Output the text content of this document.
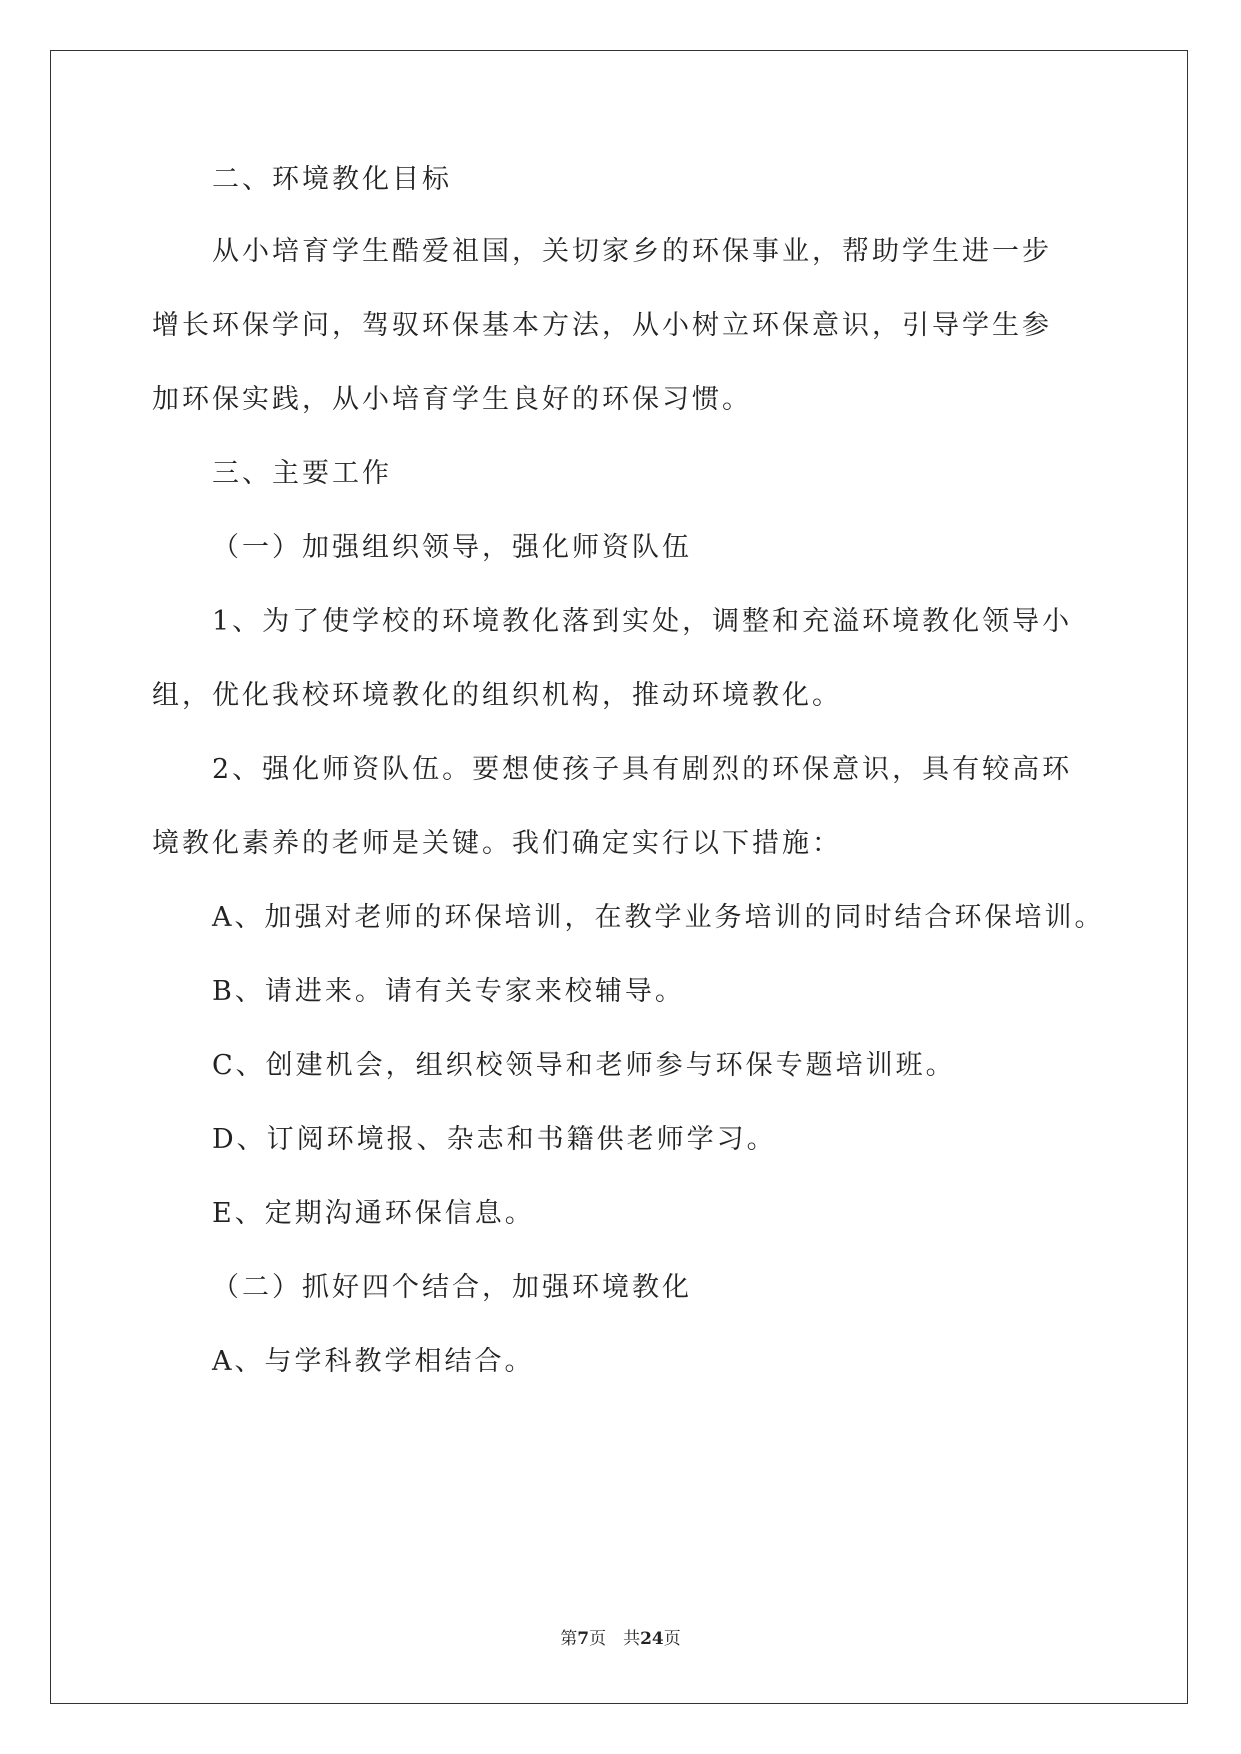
二、环境教化目标
从小培育学生酷爱祖国，关切家乡的环保事业，帮助学生进一步
增长环保学问，驾驭环保基本方法，从小树立环保意识，引导学生参
加环保实践，从小培育学生良好的环保习惯。
三、主要工作
（一）加强组织领导，强化师资队伍
1、为了使学校的环境教化落到实处，调整和充溢环境教化领导小
组，优化我校环境教化的组织机构，推动环境教化。
2、强化师资队伍。要想使孩子具有剧烈的环保意识，具有较高环
境教化素养的老师是关键。我们确定实行以下措施：
A、加强对老师的环保培训，在教学业务培训的同时结合环保培训。
B、请进来。请有关专家来校辅导。
C、创建机会，组织校领导和老师参与环保专题培训班。
D、订阅环境报、杂志和书籍供老师学习。
E、定期沟通环保信息。
（二）抓好四个结合，加强环境教化
A、与学科教学相结合。
第7页　共24页
